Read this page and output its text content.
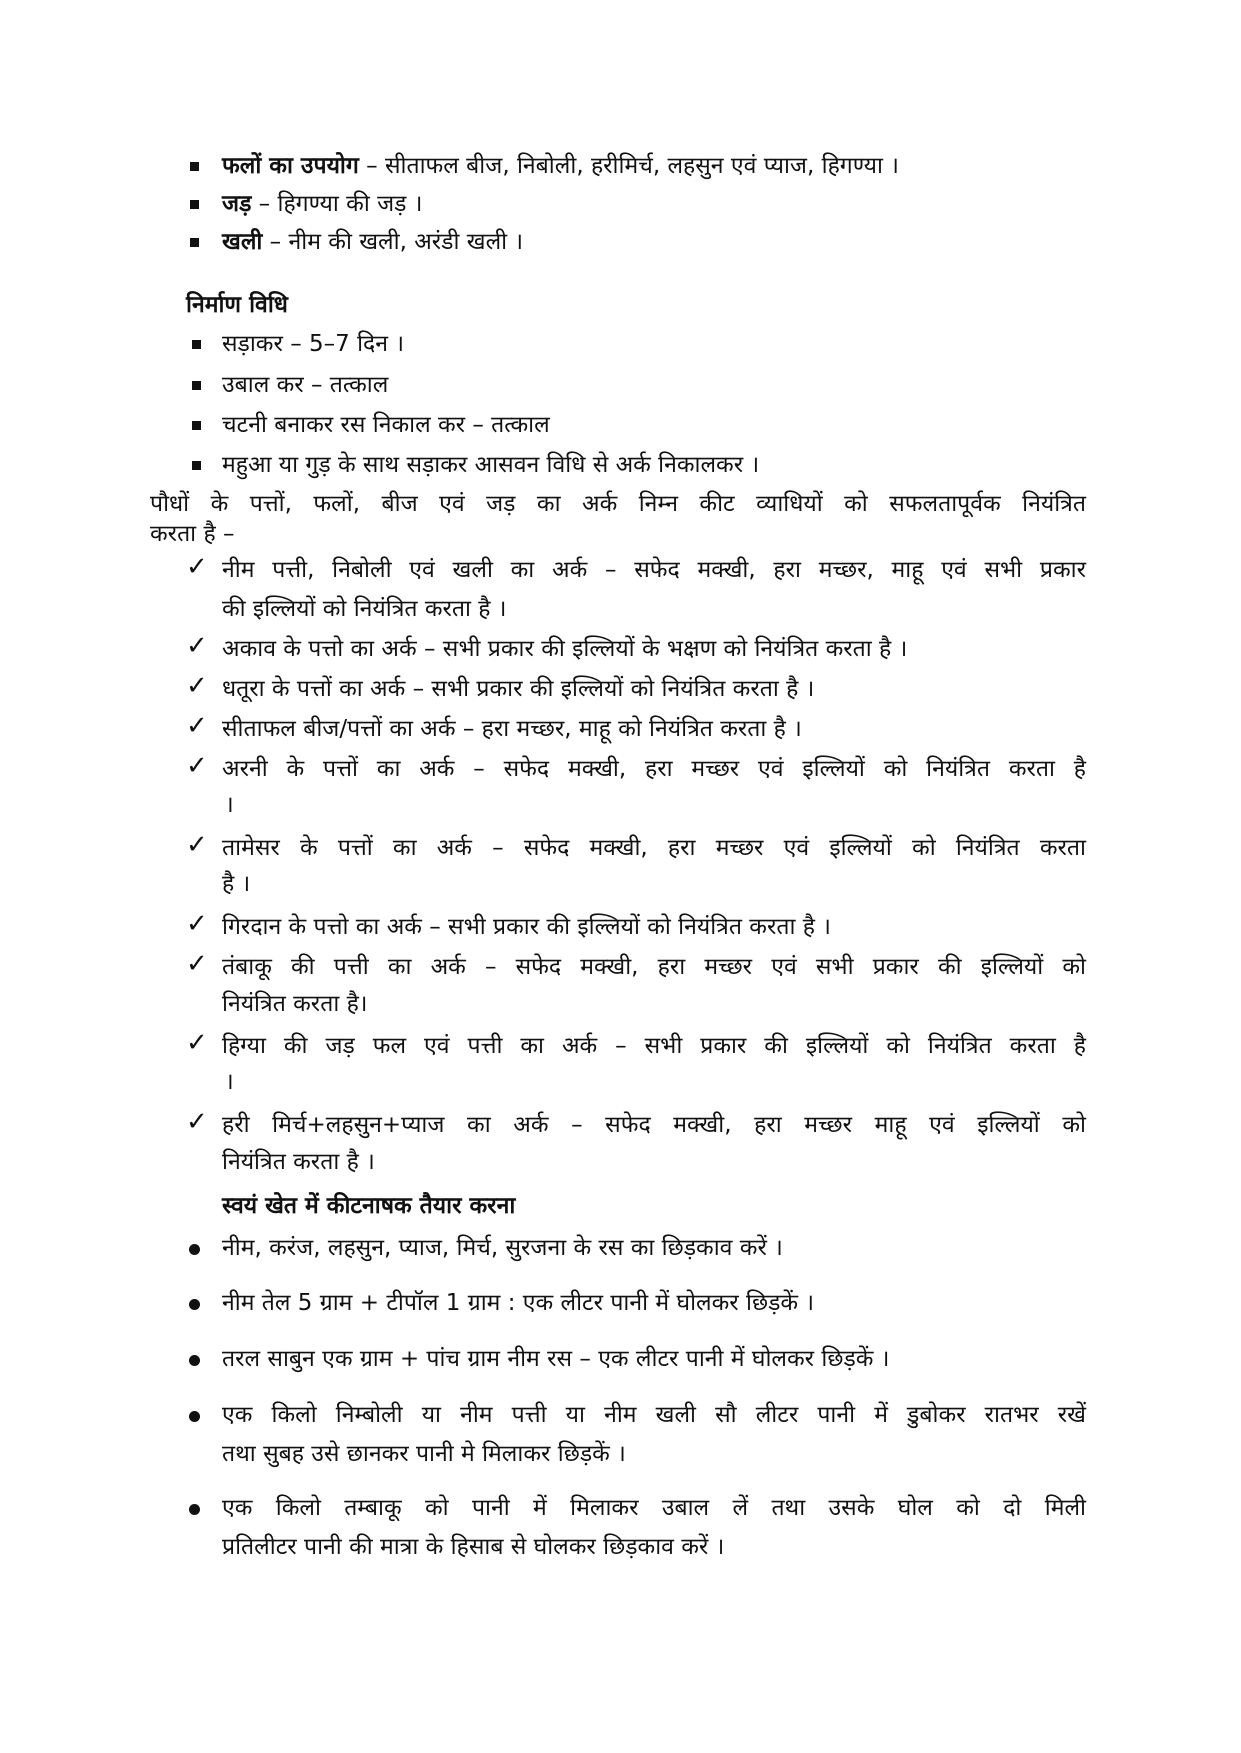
फलों का उपयोग – सीताफल बीज, निबोली, हरीमिर्च, लहसुन एवं प्याज, हिगण्या ।
जड़ – हिगण्या की जड़ ।
खली – नीम की खली, अरंडी खली ।
निर्माण विधि
सड़ाकर – 5–7 दिन ।
उबाल कर – तत्काल
चटनी बनाकर रस निकाल कर – तत्काल
महुआ या गुड़ के साथ सड़ाकर आसवन विधि से अर्क निकालकर ।
पौधों के पत्तों, फलों, बीज एवं जड़ का अर्क निम्न कीट व्याधियों को सफलतापूर्वक नियंत्रित
करता है –
✓ नीम पत्ती, निबोली एवं खली का अर्क – सफेद मक्खी, हरा मच्छर, माहू एवं सभी प्रकार
की इल्लियों को नियंत्रित करता है ।
✓ अकाव के पत्तो का अर्क – सभी प्रकार की इल्लियों के भक्षण को नियंत्रित करता है ।
✓ धतूरा के पत्तों का अर्क – सभी प्रकार की इल्लियों को नियंत्रित करता है ।
✓ सीताफल बीज/पत्तों का अर्क – हरा मच्छर, माहू को नियंत्रित करता है ।
✓ अरनी के पत्तों का अर्क – सफेद मक्खी, हरा मच्छर एवं इल्लियों को नियंत्रित करता है
।
✓ तामेसर के पत्तों का अर्क – सफेद मक्खी, हरा मच्छर एवं इल्लियों को नियंत्रित करता
है ।
✓ गिरदान के पत्तो का अर्क – सभी प्रकार की इल्लियों को नियंत्रित करता है ।
✓ तंबाकू की पत्ती का अर्क – सफेद मक्खी, हरा मच्छर एवं सभी प्रकार की इल्लियों को
नियंत्रित करता है।
✓ हिग्या की जड़ फल एवं पत्ती का अर्क – सभी प्रकार की इल्लियों को नियंत्रित करता है
।
✓ हरी मिर्च+लहसुन+प्याज का अर्क – सफेद मक्खी, हरा मच्छर माहू एवं इल्लियों को
नियंत्रित करता है ।
स्वयं खेत में कीटनाषक तैयार करना
नीम, करंज, लहसुन, प्याज, मिर्च, सुरजना के रस का छिड़काव करें ।
नीम तेल 5 ग्राम + टीपॉल 1 ग्राम : एक लीटर पानी में घोलकर छिड़कें ।
तरल साबुन एक ग्राम + पांच ग्राम नीम रस – एक लीटर पानी में घोलकर छिड़कें ।
एक किलो निम्बोली या नीम पत्ती या नीम खली सौ लीटर पानी में डुबोकर रातभर रखें
तथा सुबह उसे छानकर पानी मे मिलाकर छिड़कें ।
एक किलो तम्बाकू को पानी में मिलाकर उबाल लें तथा उसके घोल को दो मिली
प्रतिलीटर पानी की मात्रा के हिसाब से घोलकर छिड़काव करें ।
